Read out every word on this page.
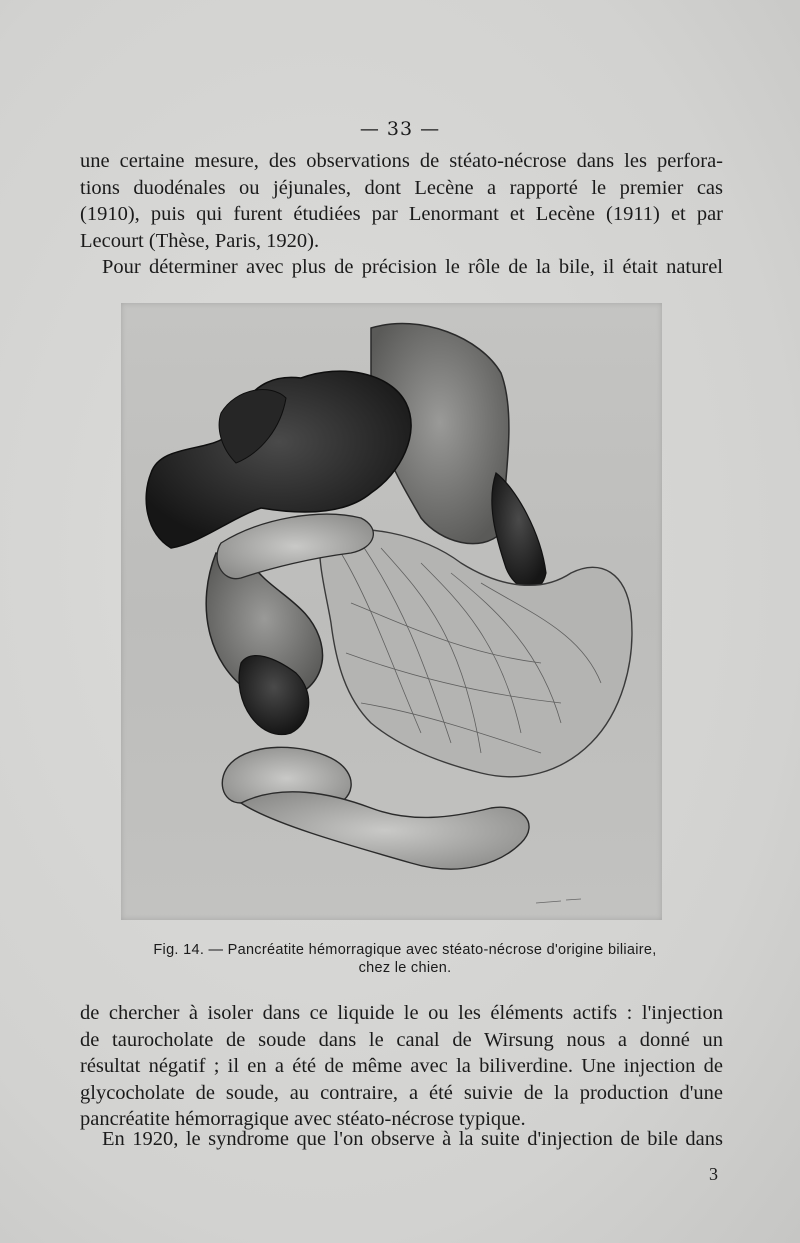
— 33 —

une certaine mesure, des observations de stéato-nécrose dans les perfora-
tions duodénales ou jéjunales, dont Lecène a rapporté le premier cas
(1910), puis qui furent étudiées par Lenormant et Lecène (1911) et par
Lecourt (Thèse, Paris, 1920).

Pour déterminer avec plus de précision le rôle de la bile, il était naturel

Fig. 14. — Pancréatite hémorragique avec stéato-nécrose d'origine biliaire,
chez le chien.

de chercher à isoler dans ce liquide le ou les éléments actifs : l'injection
de taurocholate de soude dans le canal de Wirsung nous a donné un
résultat négatif ; il en a été de même avec la biliverdine. Une injection de
glycocholate de soude, au contraire, a été suivie de la production d'une
pancréatite hémorragique avec stéato-nécrose typique.

En 1920, le syndrome que l'on observe à la suite d'injection de bile dans

3
